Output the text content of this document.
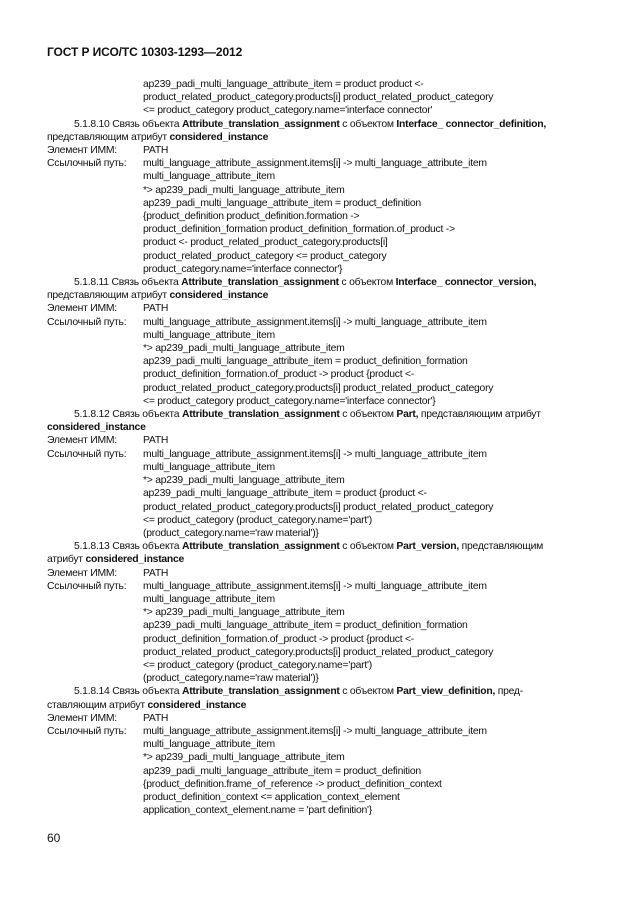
ГОСТ Р ИСО/ТС 10303-1293—2012
ap239_padi_multi_language_attribute_item = product product <-
product_related_product_category.products[i] product_related_product_category
<= product_category product_category.name='interface connector'
5.1.8.10 Связь объекта Attribute_translation_assignment с объектом Interface_ connector_definition,
представляющим атрибут considered_instance
Элемент ИММ:	PATH
Ссылочный путь:	multi_language_attribute_assignment.items[i] -> multi_language_attribute_item
multi_language_attribute_item
*> ap239_padi_multi_language_attribute_item
ap239_padi_multi_language_attribute_item = product_definition
{product_definition product_definition.formation ->
product_definition_formation product_definition_formation.of_product ->
product <- product_related_product_category.products[i]
product_related_product_category <= product_category
product_category.name='interface connector'}
5.1.8.11 Связь объекта Attribute_translation_assignment с объектом Interface_ connector_version,
представляющим атрибут considered_instance
Элемент ИММ:	PATH
Ссылочный путь:	multi_language_attribute_assignment.items[i] -> multi_language_attribute_item
multi_language_attribute_item
*> ap239_padi_multi_language_attribute_item
ap239_padi_multi_language_attribute_item = product_definition_formation
product_definition_formation.of_product -> product {product <-
product_related_product_category.products[i] product_related_product_category
<= product_category product_category.name='interface connector'}
5.1.8.12 Связь объекта Attribute_translation_assignment с объектом Part, представляющим атрибут
considered_instance
Элемент ИММ:	PATH
Ссылочный путь:	multi_language_attribute_assignment.items[i] -> multi_language_attribute_item
multi_language_attribute_item
*> ap239_padi_multi_language_attribute_item
ap239_padi_multi_language_attribute_item = product {product <-
product_related_product_category.products[i] product_related_product_category
<= product_category (product_category.name='part')
(product_category.name='raw material')}
5.1.8.13 Связь объекта Attribute_translation_assignment с объектом Part_version, представляющим
атрибут considered_instance
Элемент ИММ:	PATH
Ссылочный путь:	multi_language_attribute_assignment.items[i] -> multi_language_attribute_item
multi_language_attribute_item
*> ap239_padi_multi_language_attribute_item
ap239_padi_multi_language_attribute_item = product_definition_formation
product_definition_formation.of_product -> product {product <-
product_related_product_category.products[i] product_related_product_category
<= product_category (product_category.name='part')
(product_category.name='raw material')}
5.1.8.14 Связь объекта Attribute_translation_assignment с объектом Part_view_definition, пред-
ставляющим атрибут considered_instance
Элемент ИММ:	PATH
Ссылочный путь:	multi_language_attribute_assignment.items[i] -> multi_language_attribute_item
multi_language_attribute_item
*> ap239_padi_multi_language_attribute_item
ap239_padi_multi_language_attribute_item = product_definition
{product_definition.frame_of_reference -> product_definition_context
product_definition_context <= application_context_element
application_context_element.name = 'part definition'}
60
